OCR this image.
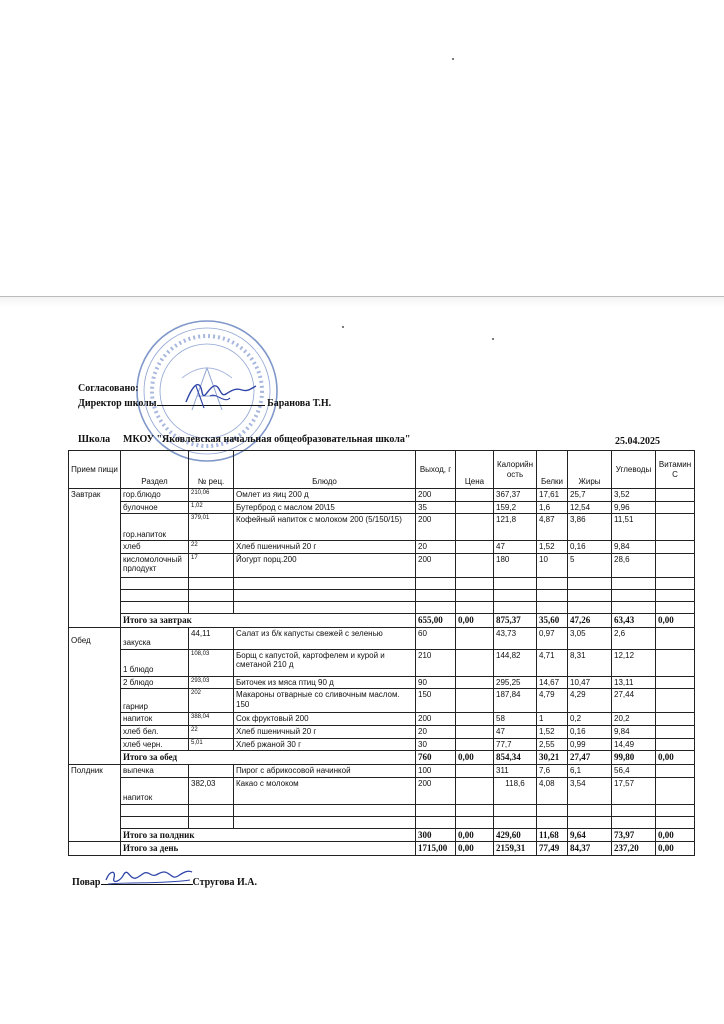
Согласовано:
Директор школы	Баранова Т.Н.
Школа МКОУ "Яковлевская начальная общеобразовательная школа"	25.04.2025
Прием пищи	Раздел	№ рец.	Блюдо	Выход, г	Цена	Калорийность	Белки	Жиры	Углеводы	Витамин С
Завтрак	гор.блюдо	210,06	Омлет из яиц 200 д	200		367,37	17,61	25,7	3,52	
	булочное	1,02	Бутерброд с маслом 20\15	35		159,2	1,6	12,54	9,96	
	гор.напиток	379,01	Кофейный напиток с молоком 200 (5/150/15)	200		121,8	4,87	3,86	11,51	
	хлеб	22	Хлеб пшеничный 20 г	20		47	1,52	0,16	9,84	
	кисломолочный прлодукт	17	Йогурт порц.200	200		180	10	5	28,6	

	Итого за завтрак			655,00	0,00	875,37	35,60	47,26	63,43	0,00
Обед	закуска	44,11	Салат из б/к капусты свежей с зеленью	60		43,73	0,97	3,05	2,6	
	1 блюдо	108,03	Борщ с капустой, картофелем и курой и сметаной 210 д	210		144,82	4,71	8,31	12,12	
	2 блюдо	293,03	Биточек из мяса птиц 90 д	90		295,25	14,67	10,47	13,11	
	гарнир	202	Макароны отварные со сливочным маслом. 150	150		187,84	4,79	4,29	27,44	
	напиток	388,04	Сок фруктовый 200	200		58	1	0,2	20,2	
	хлеб бел.	22	Хлеб пшеничный 20 г	20		47	1,52	0,16	9,84	
	хлеб черн.	5,01	Хлеб ржаной 30 г	30		77,7	2,55	0,99	14,49	
	Итого за обед			760	0,00	854,34	30,21	27,47	99,80	0,00
Полдник	выпечка		Пирог с абрикосовой начинкой	100		311	7,6	6,1	56,4	
	напиток	382,03	Какао с молоком	200		118,6	4,08	3,54	17,57	

	Итого за полдник			300	0,00	429,60	11,68	9,64	73,97	0,00
	Итого за день			1715,00	0,00	2159,31	77,49	84,37	237,20	0,00
Повар	Стругова И.А.
